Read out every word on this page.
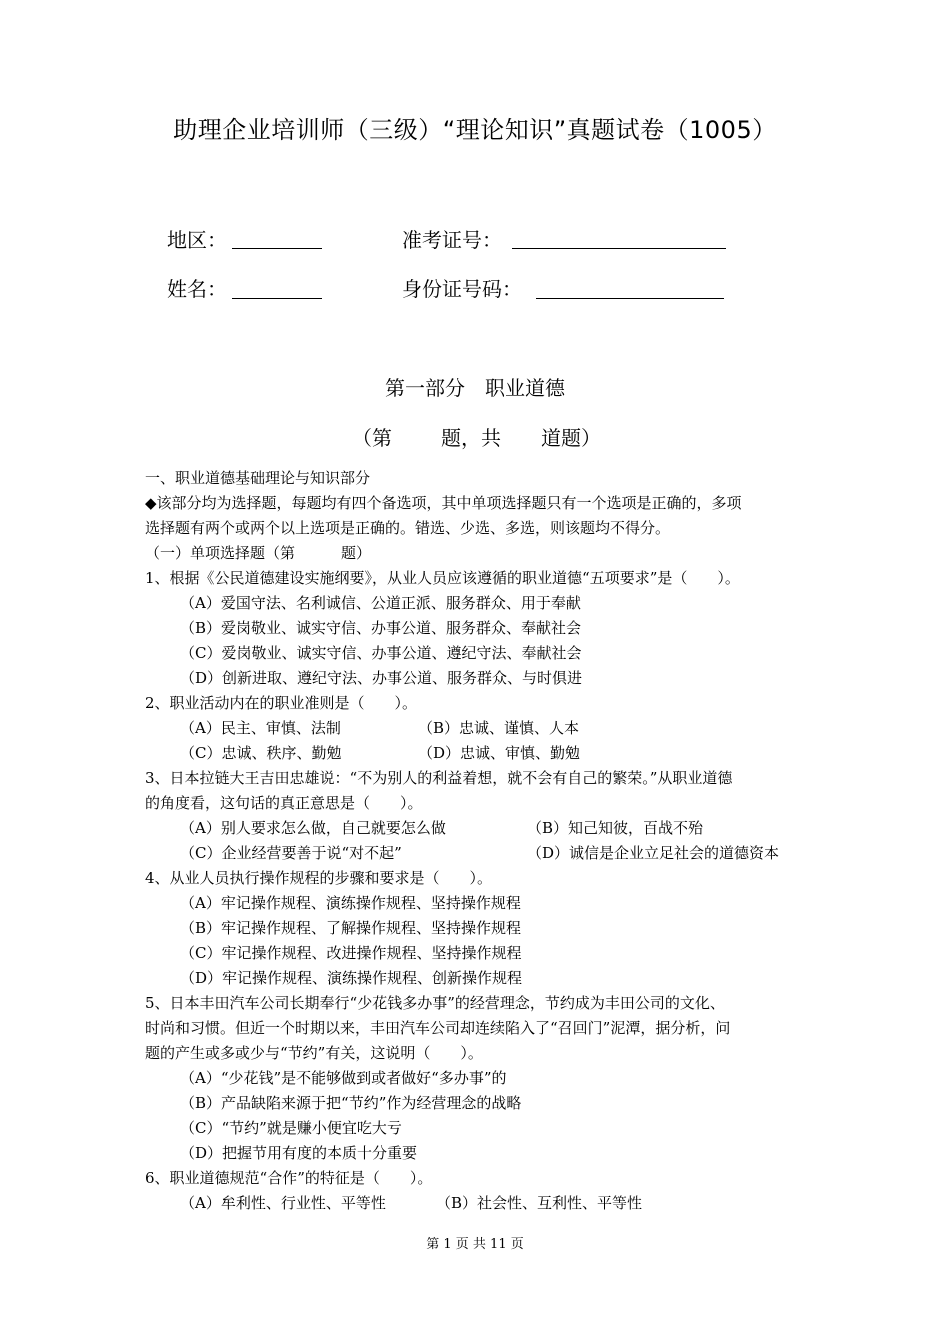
助理企业培训师（三级）“理论知识”真题试卷（1005）
地区：	准考证号：
姓名：	身份证号码：
第一部分　职业道德
（第 题，共 道题）
一、职业道德基础理论与知识部分
◆该部分均为选择题，每题均有四个备选项，其中单项选择题只有一个选项是正确的，多项
选择题有两个或两个以上选项是正确的。错选、少选、多选，则该题均不得分。
（一）单项选择题（第	题）
1、根据《公民道德建设实施纲要》，从业人员应该遵循的职业道德“五项要求”是（　　）。
（A）爱国守法、名利诚信、公道正派、服务群众、用于奉献
（B）爱岗敬业、诚实守信、办事公道、服务群众、奉献社会
（C）爱岗敬业、诚实守信、办事公道、遵纪守法、奉献社会
（D）创新进取、遵纪守法、办事公道、服务群众、与时俱进
2、职业活动内在的职业准则是（　　）。
（A）民主、审慎、法制	（B）忠诚、谨慎、人本
（C）忠诚、秩序、勤勉	（D）忠诚、审慎、勤勉
3、日本拉链大王吉田忠雄说：“不为别人的利益着想，就不会有自己的繁荣。”从职业道德
的角度看，这句话的真正意思是（　　）。
（A）别人要求怎么做，自己就要怎么做	（B）知己知彼，百战不殆
（C）企业经营要善于说“对不起”	（D）诚信是企业立足社会的道德资本
4、从业人员执行操作规程的步骤和要求是（　　）。
（A）牢记操作规程、演练操作规程、坚持操作规程
（B）牢记操作规程、了解操作规程、坚持操作规程
（C）牢记操作规程、改进操作规程、坚持操作规程
（D）牢记操作规程、演练操作规程、创新操作规程
5、日本丰田汽车公司长期奉行“少花钱多办事”的经营理念，节约成为丰田公司的文化、
时尚和习惯。但近一个时期以来，丰田汽车公司却连续陷入了“召回门”泥潭，据分析，问
题的产生或多或少与“节约”有关，这说明（　　）。
（A）“少花钱”是不能够做到或者做好“多办事”的
（B）产品缺陷来源于把“节约”作为经营理念的战略
（C）“节约”就是赚小便宜吃大亏
（D）把握节用有度的本质十分重要
6、职业道德规范“合作”的特征是（　　）。
（A）牟利性、行业性、平等性	（B）社会性、互利性、平等性
第 1 页 共 11 页
